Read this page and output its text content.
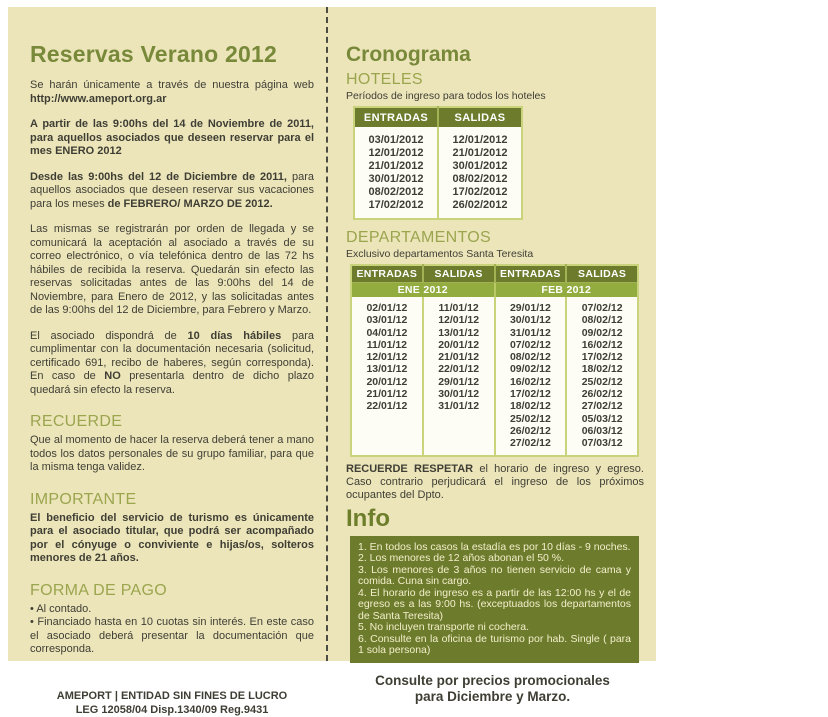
Reservas Verano 2012

Se harán únicamente a través de nuestra página web http://www.ameport.org.ar

A partir de las 9:00hs del 14 de Noviembre de 2011, para aquellos asociados que deseen reservar para el mes ENERO 2012

Desde las 9:00hs del 12 de Diciembre de 2011, para aquellos asociados que deseen reservar sus vacaciones para los meses de FEBRERO/ MARZO DE 2012.

Las mismas se registrarán por orden de llegada y se comunicará la aceptación al asociado a través de su correo electrónico, o vía telefónica dentro de las 72 hs hábiles de recibida la reserva. Quedarán sin efecto las reservas solicitadas antes de las 9:00hs del 14 de Noviembre, para Enero de 2012, y las solicitadas antes de las 9:00hs del 12 de Diciembre, para Febrero y Marzo.

El asociado dispondrá de 10 días hábiles para cumplimentar con la documentación necesaria (solicitud, certificado 691, recibo de haberes, según corresponda). En caso de NO presentarla dentro de dicho plazo quedará sin efecto la reserva.

RECUERDE

Que al momento de hacer la reserva deberá tener a mano todos los datos personales de su grupo familiar, para que la misma tenga validez.

IMPORTANTE

El beneficio del servicio de turismo es únicamente para el asociado titular, que podrá ser acompañado por el cónyuge o conviviente e hijas/os, solteros menores de 21 años.

FORMA DE PAGO
• Al contado.
• Financiado hasta en 10 cuotas sin interés. En este caso el asociado deberá presentar la documentación que corresponda.
AMEPORT | ENTIDAD SIN FINES DE LUCRO
LEG 12058/04 Disp.1340/09 Reg.9431
Cronograma
HOTELES
Períodos de ingreso para todos los hoteles
ENTRADAS	SALIDAS
03/01/2012	12/01/2012
12/01/2012	21/01/2012
21/01/2012	30/01/2012
30/01/2012	08/02/2012
08/02/2012	17/02/2012
17/02/2012	26/02/2012
DEPARTAMENTOS
Exclusivo departamentos Santa Teresita
ENTRADAS	SALIDAS	ENTRADAS	SALIDAS
ENE 2012		FEB 2012	
02/01/12	11/01/12	29/01/12	07/02/12
03/01/12	12/01/12	30/01/12	08/02/12
04/01/12	13/01/12	31/01/12	09/02/12
11/01/12	20/01/12	07/02/12	16/02/12
12/01/12	21/01/12	08/02/12	17/02/12
13/01/12	22/01/12	09/02/12	18/02/12
20/01/12	29/01/12	16/02/12	25/02/12
21/01/12	30/01/12	17/02/12	26/02/12
22/01/12	31/01/12	18/02/12	27/02/12
		25/02/12	05/03/12
		26/02/12	06/03/12
		27/02/12	07/03/12

RECUERDE RESPETAR el horario de ingreso y egreso. Caso contrario perjudicará el ingreso de los próximos ocupantes del Dpto.

Info
1. En todos los casos la estadía es por 10 días - 9 noches.
2. Los menores de 12 años abonan el 50 %.
3. Los menores de 3 años no tienen servicio de cama y comida. Cuna sin cargo.
4. El horario de ingreso es a partir de las 12:00 hs y el de egreso es a las 9:00 hs. (exceptuados los departamentos de Santa Teresita)
5. No incluyen transporte ni cochera.
6. Consulte en la oficina de turismo por hab. Single ( para 1 sola persona)
Consulte por precios promocionales
para Diciembre y Marzo.
